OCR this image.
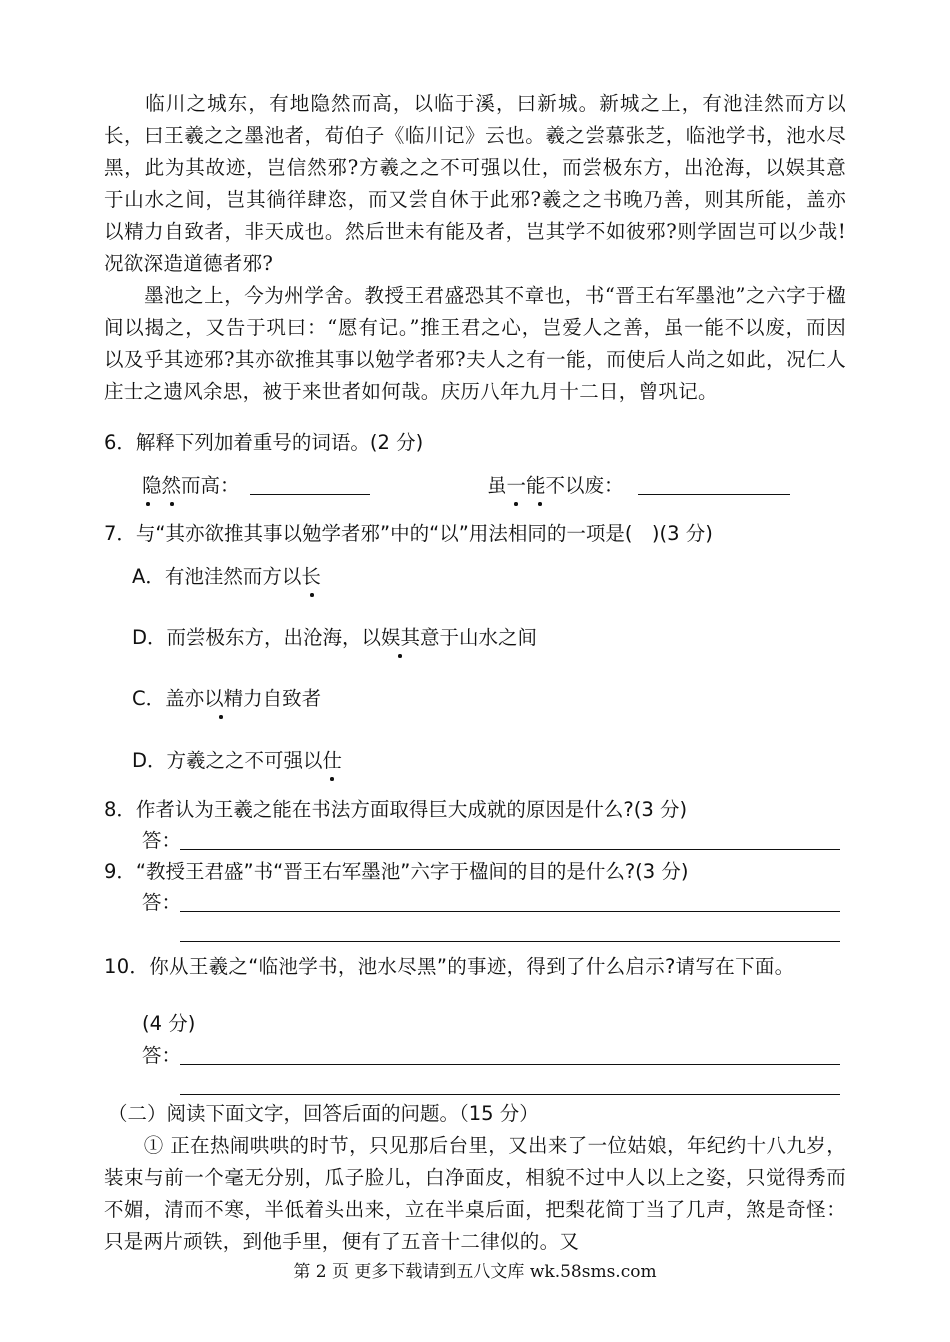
　　临川之城东，有地隐然而高，以临于溪，曰新城。新城之上，有池洼然而方以长，曰王羲之之墨池者，荀伯子《临川记》云也。羲之尝慕张芝，临池学书，池水尽黑，此为其故迹，岂信然邪?方羲之之不可强以仕，而尝极东方，出沧海，以娱其意于山水之间，岂其徜徉肆恣，而又尝自休于此邪?羲之之书晚乃善，则其所能，盖亦以精力自致者，非天成也。然后世未有能及者，岂其学不如彼邪?则学固岂可以少哉!况欲深造道德者邪?
　　墨池之上，今为州学舍。教授王君盛恐其不章也，书“晋王右军墨池”之六字于楹间以揭之，又告于巩曰：“愿有记。”推王君之心，岂爱人之善，虽一能不以废，而因以及乎其迹邪?其亦欲推其事以勉学者邪?夫人之有一能，而使后人尚之如此，况仁人庄士之遗风余思，被于来世者如何哉。庆历八年九月十二日，曾巩记。
6．解释下列加着重号的词语。(2 分)
隐然而高：	虽一能不以废：
7．与“其亦欲推其事以勉学者邪”中的“以”用法相同的一项是(　)(3 分)
A．有池洼然而方以长
D．而尝极东方，出沧海，以娱其意于山水之间
C．盖亦以精力自致者
D．方羲之之不可强以仕
8．作者认为王羲之能在书法方面取得巨大成就的原因是什么?(3 分)
答：
9．“教授王君盛”书“晋王右军墨池”六字于楹间的目的是什么?(3 分)
答：
10．你从王羲之“临池学书，池水尽黑”的事迹，得到了什么启示?请写在下面。
(4 分)
答：
（二）阅读下面文字，回答后面的问题。（15 分）
　　① 正在热闹哄哄的时节，只见那后台里，又出来了一位姑娘，年纪约十八九岁，装束与前一个毫无分别，瓜子脸儿，白净面皮，相貌不过中人以上之姿，只觉得秀而不媚，清而不寒，半低着头出来，立在半桌后面，把梨花简丁当了几声，煞是奇怪：只是两片顽铁，到他手里，便有了五音十二律似的。又
第 2 页 更多下载请到五八文库 wk.58sms.com
